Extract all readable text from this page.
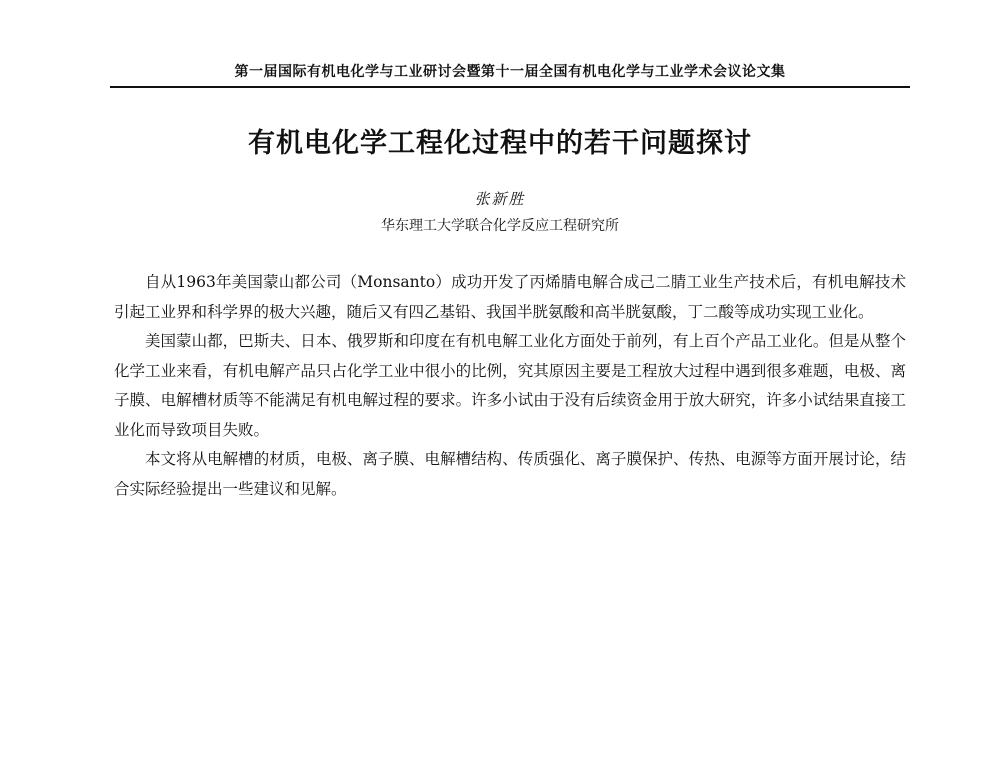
第一届国际有机电化学与工业研讨会暨第十一届全国有机电化学与工业学术会议论文集
有机电化学工程化过程中的若干问题探讨
张新胜
华东理工大学联合化学反应工程研究所

自从1963年美国蒙山都公司（Monsanto）成功开发了丙烯腈电解合成己二腈工业生产技术后，有机电解技术引起工业界和科学界的极大兴趣，随后又有四乙基铅、我国半胱氨酸和高半胱氨酸，丁二酸等成功实现工业化。

美国蒙山都，巴斯夫、日本、俄罗斯和印度在有机电解工业化方面处于前列，有上百个产品工业化。但是从整个化学工业来看，有机电解产品只占化学工业中很小的比例，究其原因主要是工程放大过程中遇到很多难题，电极、离子膜、电解槽材质等不能满足有机电解过程的要求。许多小试由于没有后续资金用于放大研究，许多小试结果直接工业化而导致项目失败。

本文将从电解槽的材质，电极、离子膜、电解槽结构、传质强化、离子膜保护、传热、电源等方面开展讨论，结合实际经验提出一些建议和见解。
